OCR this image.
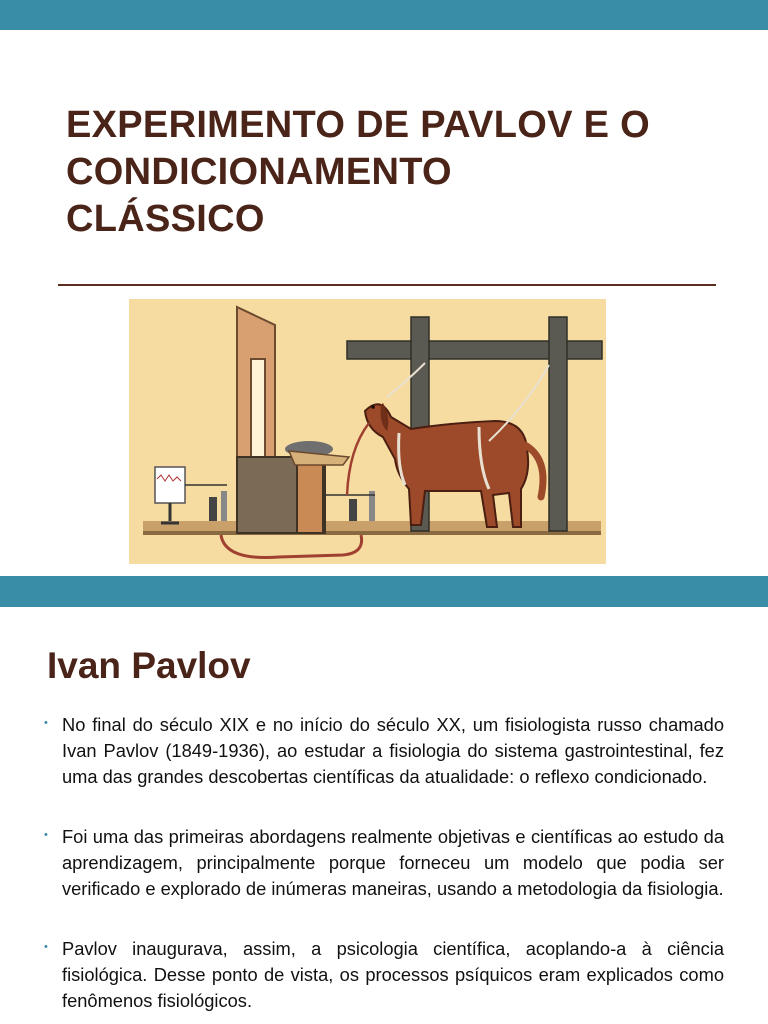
EXPERIMENTO DE PAVLOV E O
CONDICIONAMENTO
CLÁSSICO
Ivan Pavlov
• No final do século XIX e no início do século XX, um fisiologista russo chamado Ivan Pavlov (1849-1936), ao estudar a fisiologia do sistema gastrointestinal, fez uma das grandes descobertas científicas da atualidade: o reflexo condicionado.
• Foi uma das primeiras abordagens realmente objetivas e científicas ao estudo da aprendizagem, principalmente porque forneceu um modelo que podia ser verificado e explorado de inúmeras maneiras, usando a metodologia da fisiologia.
• Pavlov inaugurava, assim, a psicologia científica, acoplando-a à ciência fisiológica. Desse ponto de vista, os processos psíquicos eram explicados como fenômenos fisiológicos.
